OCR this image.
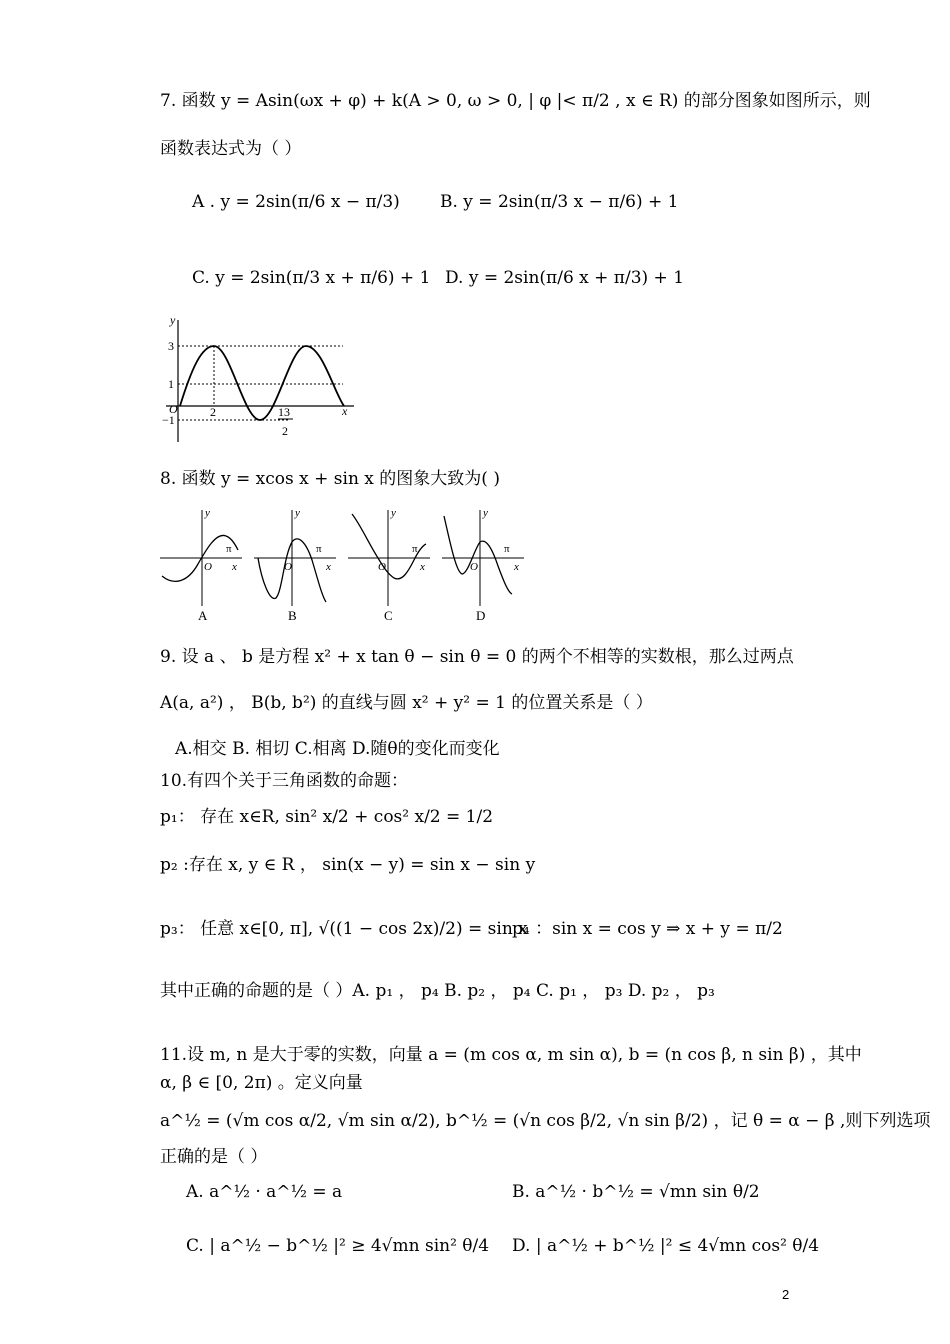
7. 函数 y = Asin(ωx + φ) + k(A > 0, ω > 0, | φ |< π/2 , x ∈ R) 的部分图象如图所示，则
函数表达式为（ ）
A . y = 2sin(π/6 x − π/3) B. y = 2sin(π/3 x − π/6) + 1
C. y = 2sin(π/3 x + π/6) + 1 D. y = 2sin(π/6 x + π/3) + 1
y
x
O
3
1
−1
2	13
2
8. 函数 y = xcos x + sin x 的图象大致为( )
y
x
O
π
A
y
x
O
π
B
y
x
O
π
C
y
x
O
π
D
9. 设 a 、 b 是方程 x² + x tan θ − sin θ = 0 的两个不相等的实数根，那么过两点
A(a, a²) ， B(b, b²) 的直线与圆 x² + y² = 1 的位置关系是（ ）
A.相交 B. 相切 C.相离 D.随θ的变化而变化
10.有四个关于三角函数的命题：
p₁： 存在 x∈R, sin² x/2 + cos² x/2 = 1/2
p₂ :存在 x, y ∈ R ， sin(x − y) = sin x − sin y
p₃： 任意 x∈[0, π], √((1 − cos 2x)/2) = sin x
p₄ ：sin x = cos y ⇒ x + y = π/2
其中正确的命题的是（ ）A. p₁ ， p₄ B. p₂ ， p₄ C. p₁ ， p₃ D. p₂ ， p₃
11.设 m, n 是大于零的实数，向量 a = (m cos α, m sin α), b = (n cos β, n sin β) ，其中
α, β ∈ [0, 2π) 。定义向量
a^½ = (√m cos α/2, √m sin α/2), b^½ = (√n cos β/2, √n sin β/2) ，记 θ = α − β ,则下列选项
正确的是（ ）
A. a^½ · a^½ = a	B. a^½ · b^½ = √mn sin θ/2
C. | a^½ − b^½ |² ≥ 4√mn sin² θ/4 D. | a^½ + b^½ |² ≤ 4√mn cos² θ/4
2
